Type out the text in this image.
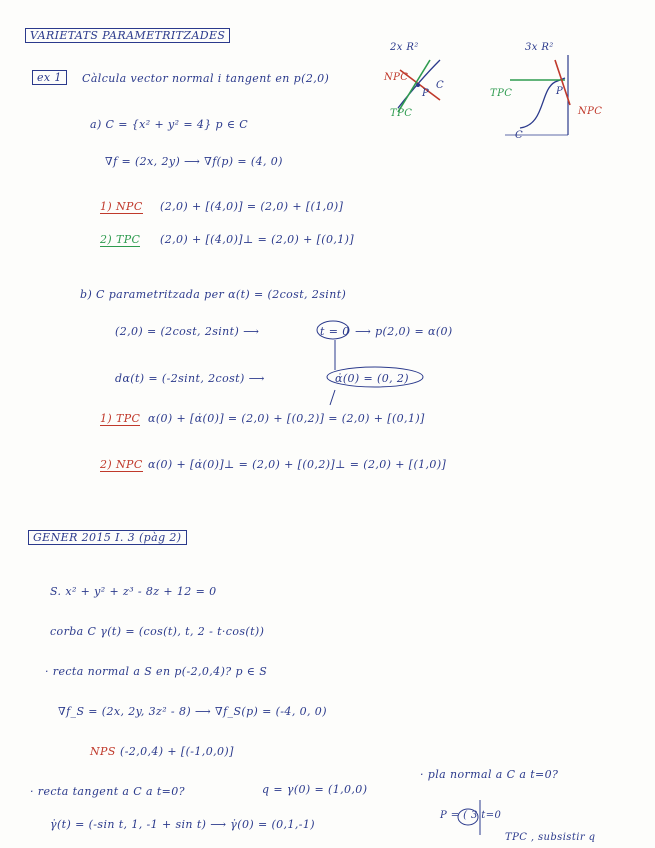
VARIETATS PARAMETRITZADES
2x R²	3x R²
NPC
TPC
C
P	TPC
NPC
C
P
ex 1	Càlcula vector normal i tangent en p(2,0)
a) C = {x² + y² = 4} p ∈ C
∇f = (2x, 2y) ⟶ ∇f(p) = (4, 0)
1) NPC (2,0) + [(4,0)] = (2,0) + [(1,0)]
2) TPC (2,0) + [(4,0)]⊥ = (2,0) + [(0,1)]
b) C parametritzada per α(t) = (2cost, 2sint)
(2,0) = (2cost, 2sint) ⟶	t = 0 ⟶ p(2,0) = α(0)
dα(t) = (-2sint, 2cost) ⟶	α̇(0) = (0, 2)
1) TPC α(0) + [α̇(0)] = (2,0) + [(0,2)] = (2,0) + [(0,1)]
2) NPC α(0) + [α̇(0)]⊥ = (2,0) + [(0,2)]⊥ = (2,0) + [(1,0)]
GENER 2015 I. 3 (pàg 2)
S. x² + y² + z³ - 8z + 12 = 0
corba C γ(t) = (cos(t), t, 2 - t·cos(t))
· recta normal a S en p(-2,0,4)? p ∈ S
∇f_S = (2x, 2y, 3z² - 8) ⟶ ∇f_S(p) = (-4, 0, 0)
NPS (-2,0,4) + [(-1,0,0)]
· recta tangent a C a t=0?	q = γ(0) = (1,0,0)
· pla normal a C a t=0?
γ̇(t) = (-sin t, 1, -1 + sin t) ⟶ γ̇(0) = (0,1,-1)
P = ( 3 t=0
TPC , subsistir q
